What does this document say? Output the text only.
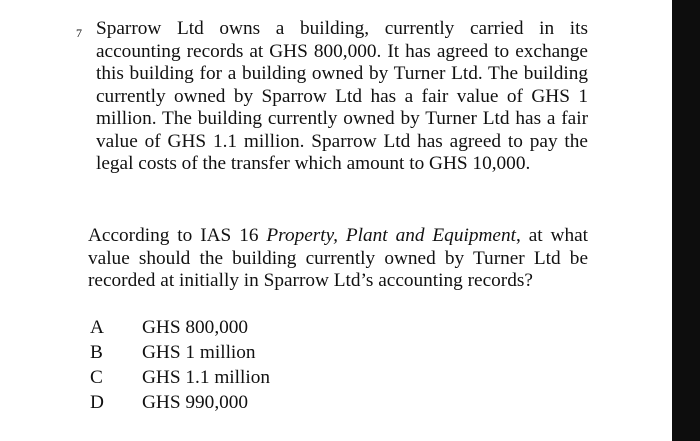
7 Sparrow Ltd owns a building, currently carried in its accounting records at GHS 800,000. It has agreed to exchange this building for a building owned by Turner Ltd. The building currently owned by Sparrow Ltd has a fair value of GHS 1 million. The building currently owned by Turner Ltd has a fair value of GHS 1.1 million. Sparrow Ltd has agreed to pay the legal costs of the transfer which amount to GHS 10,000.

According to IAS 16 Property, Plant and Equipment, at what value should the building currently owned by Turner Ltd be recorded at initially in Sparrow Ltd’s accounting records?

A	GHS 800,000
B	GHS 1 million
C	GHS 1.1 million
D	GHS 990,000
